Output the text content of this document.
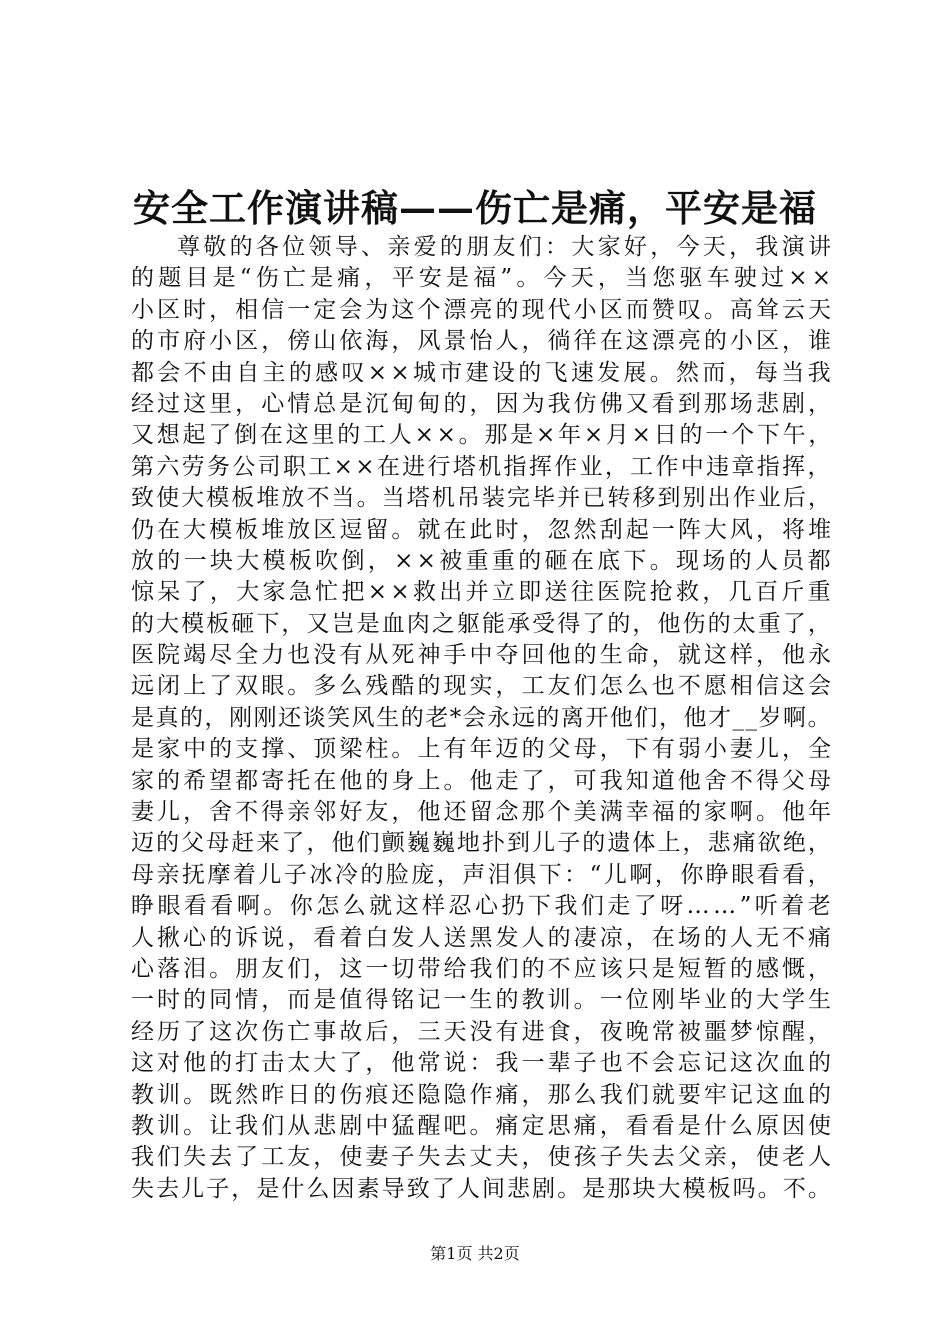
安全工作演讲稿——伤亡是痛，平安是福
尊敬的各位领导、亲爱的朋友们：大家好，今天，我演讲
的题目是“伤亡是痛，平安是福”。今天，当您驱车驶过××
小区时，相信一定会为这个漂亮的现代小区而赞叹。高耸云天
的市府小区，傍山依海，风景怡人，徜徉在这漂亮的小区，谁
都会不由自主的感叹××城市建设的飞速发展。然而，每当我
经过这里，心情总是沉甸甸的，因为我仿佛又看到那场悲剧，
又想起了倒在这里的工人××。那是×年×月×日的一个下午，
第六劳务公司职工××在进行塔机指挥作业，工作中违章指挥，
致使大模板堆放不当。当塔机吊装完毕并已转移到别出作业后，
仍在大模板堆放区逗留。就在此时，忽然刮起一阵大风，将堆
放的一块大模板吹倒，××被重重的砸在底下。现场的人员都
惊呆了，大家急忙把××救出并立即送往医院抢救，几百斤重
的大模板砸下，又岂是血肉之躯能承受得了的，他伤的太重了，
医院竭尽全力也没有从死神手中夺回他的生命，就这样，他永
远闭上了双眼。多么残酷的现实，工友们怎么也不愿相信这会
是真的，刚刚还谈笑风生的老*会永远的离开他们，他才__岁啊。
是家中的支撑、顶梁柱。上有年迈的父母，下有弱小妻儿，全
家的希望都寄托在他的身上。他走了，可我知道他舍不得父母
妻儿，舍不得亲邻好友，他还留念那个美满幸福的家啊。他年
迈的父母赶来了，他们颤巍巍地扑到儿子的遗体上，悲痛欲绝，
母亲抚摩着儿子冰冷的脸庞，声泪俱下：“儿啊，你睁眼看看，
睁眼看看啊。你怎么就这样忍心扔下我们走了呀……”听着老
人揪心的诉说，看着白发人送黑发人的凄凉，在场的人无不痛
心落泪。朋友们，这一切带给我们的不应该只是短暂的感慨，
一时的同情，而是值得铭记一生的教训。一位刚毕业的大学生
经历了这次伤亡事故后，三天没有进食，夜晚常被噩梦惊醒，
这对他的打击太大了，他常说：我一辈子也不会忘记这次血的
教训。既然昨日的伤痕还隐隐作痛，那么我们就要牢记这血的
教训。让我们从悲剧中猛醒吧。痛定思痛，看看是什么原因使
我们失去了工友，使妻子失去丈夫，使孩子失去父亲，使老人
失去儿子，是什么因素导致了人间悲剧。是那块大模板吗。不。
第1页 共2页
